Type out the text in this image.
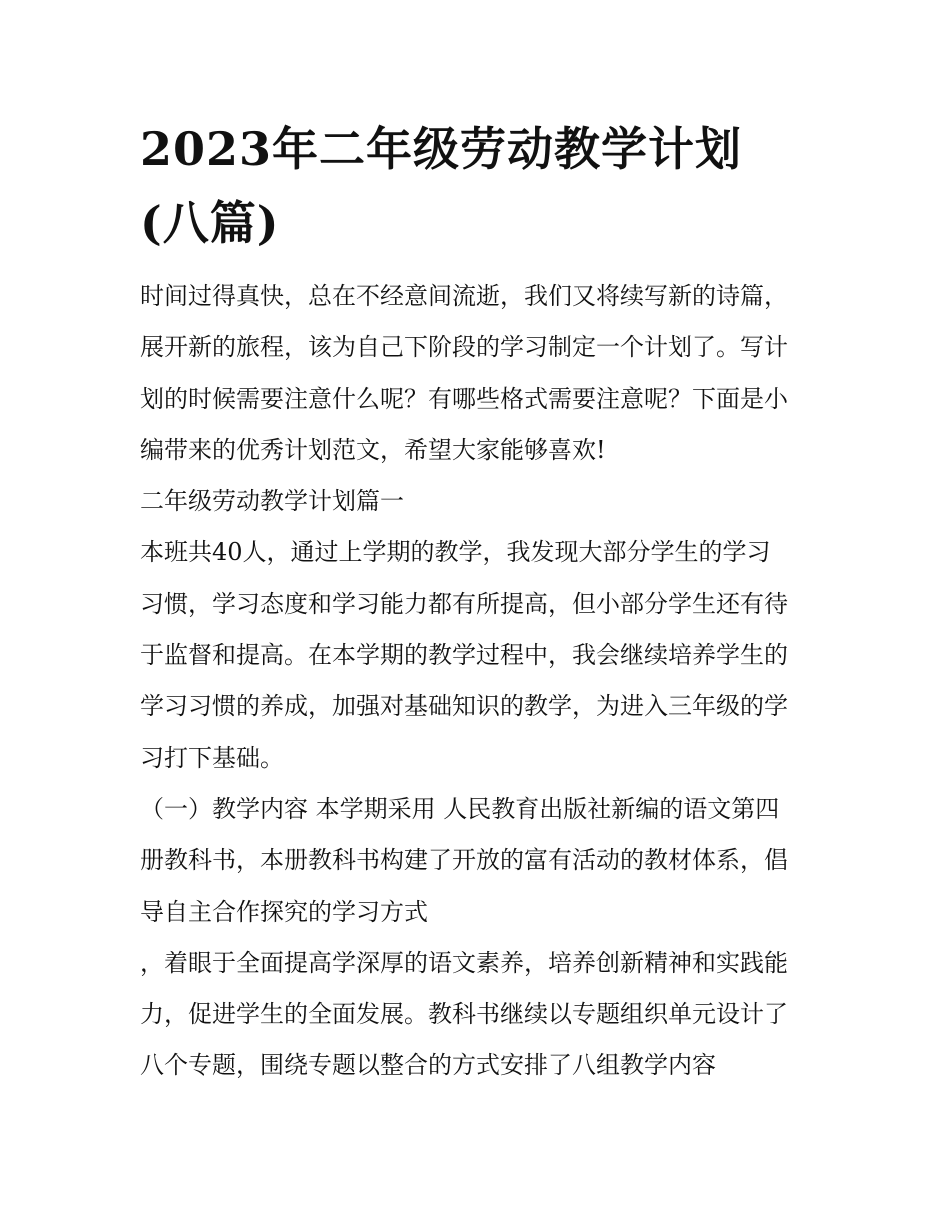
2023年二年级劳动教学计划
(八篇)
时间过得真快，总在不经意间流逝，我们又将续写新的诗篇，
展开新的旅程，该为自己下阶段的学习制定一个计划了。写计
划的时候需要注意什么呢？有哪些格式需要注意呢？下面是小
编带来的优秀计划范文，希望大家能够喜欢!
二年级劳动教学计划篇一
本班共40人，通过上学期的教学，我发现大部分学生的学习
习惯，学习态度和学习能力都有所提高，但小部分学生还有待
于监督和提高。在本学期的教学过程中，我会继续培养学生的
学习习惯的养成，加强对基础知识的教学，为进入三年级的学
习打下基础。
（一）教学内容 本学期采用 人民教育出版社新编的语文第四
册教科书，本册教科书构建了开放的富有活动的教材体系，倡
导自主合作探究的学习方式
，着眼于全面提高学深厚的语文素养，培养创新精神和实践能
力，促进学生的全面发展。教科书继续以专题组织单元设计了
八个专题，围绕专题以整合的方式安排了八组教学内容
